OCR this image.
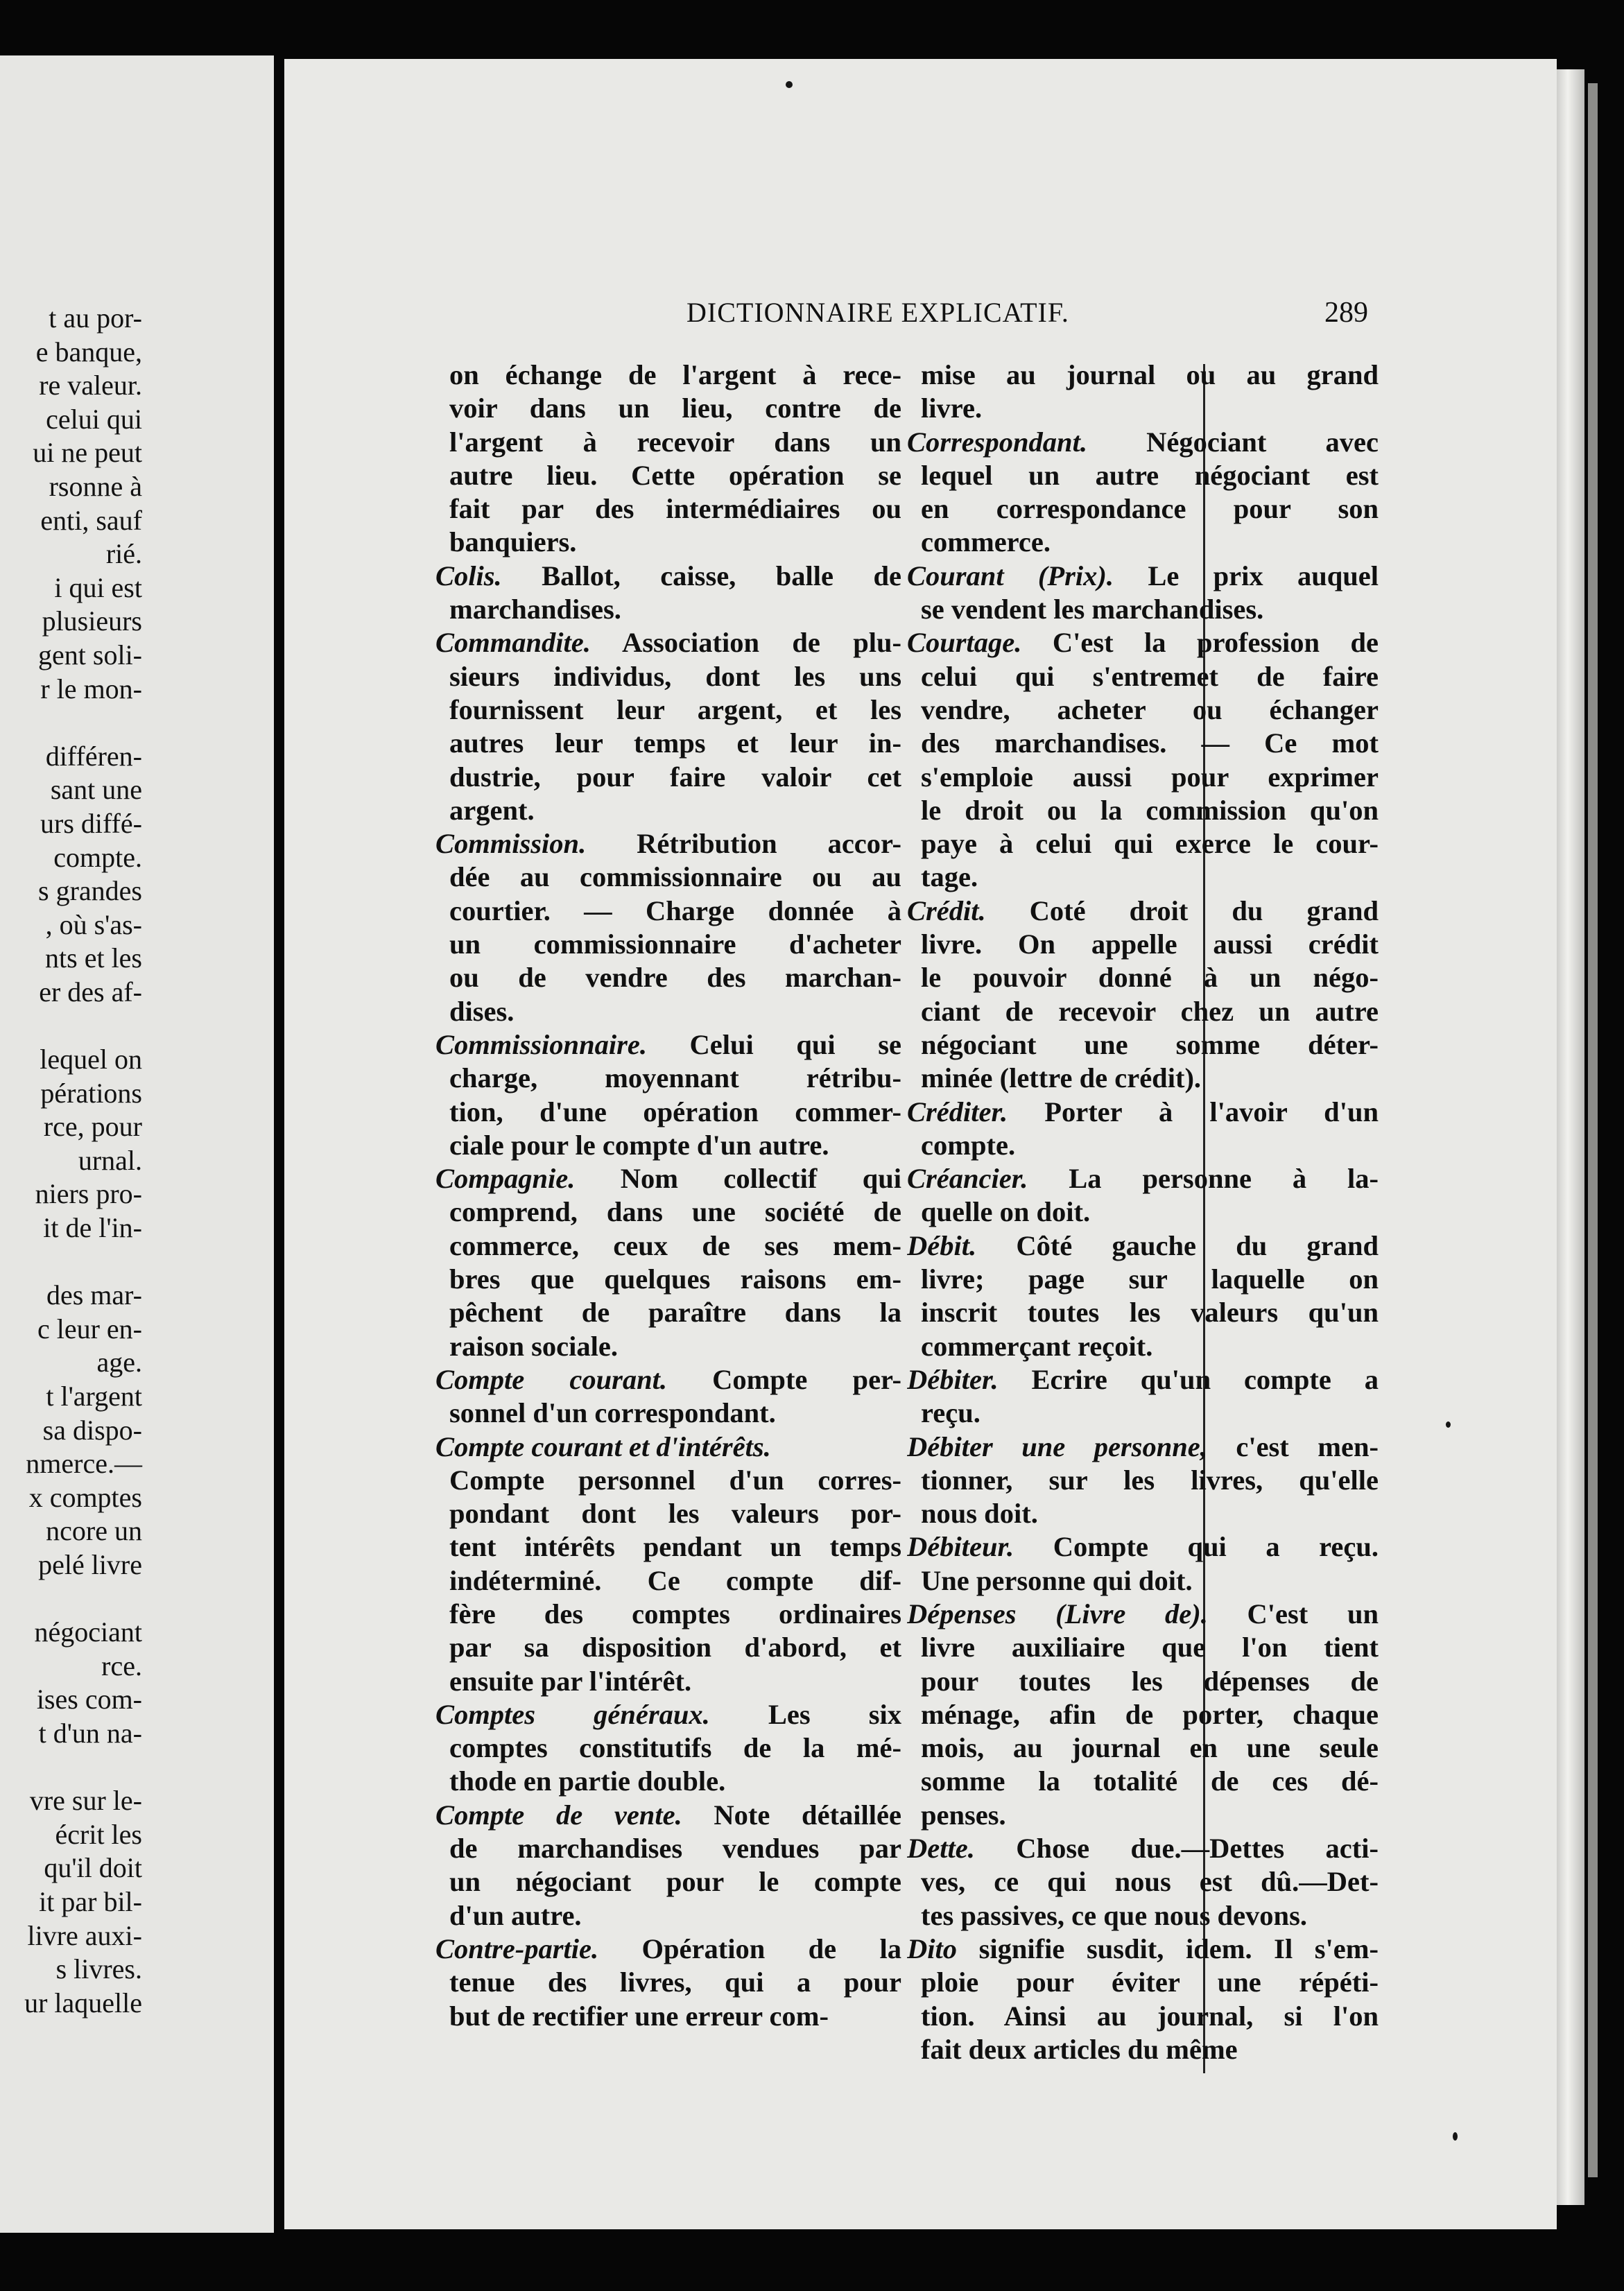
t au por-
e banque,
re valeur.
celui qui
ui ne peut
rsonne à
enti, sauf
rié.
i qui est
plusieurs
gent soli-
r le mon-

différen-
sant une
urs diffé-
compte.
s grandes
, où s'as-
nts et les
er des af-

lequel on
pérations
rce, pour
urnal.
niers pro-
it de l'in-

des mar-
c leur en-
age.
t l'argent
sa dispo-
nmerce.—
x comptes
ncore un
pelé livre

négociant
rce.
ises com-
t d'un na-

vre sur le-
écrit les
qu'il doit
it par bil-
livre auxi-
s livres.
ur laquelle
DICTIONNAIRE EXPLICATIF.	289
on échange de l'argent à rece-
voir dans un lieu, contre de
l'argent à recevoir dans un
autre lieu. Cette opération se
fait par des intermédiaires ou
banquiers.
Colis. Ballot, caisse, balle de
marchandises.
Commandite. Association de plu-
sieurs individus, dont les uns
fournissent leur argent, et les
autres leur temps et leur in-
dustrie, pour faire valoir cet
argent.
Commission. Rétribution accor-
dée au commissionnaire ou au
courtier. — Charge donnée à
un commissionnaire d'acheter
ou de vendre des marchan-
dises.
Commissionnaire. Celui qui se
charge, moyennant rétribu-
tion, d'une opération commer-
ciale pour le compte d'un autre.
Compagnie. Nom collectif qui
comprend, dans une société de
commerce, ceux de ses mem-
bres que quelques raisons em-
pêchent de paraître dans la
raison sociale.
Compte courant. Compte per-
sonnel d'un correspondant.
Compte courant et d'intérêts.
Compte personnel d'un corres-
pondant dont les valeurs por-
tent intérêts pendant un temps
indéterminé. Ce compte dif-
fère des comptes ordinaires
par sa disposition d'abord, et
ensuite par l'intérêt.
Comptes généraux. Les six
comptes constitutifs de la mé-
thode en partie double.
Compte de vente. Note détaillée
de marchandises vendues par
un négociant pour le compte
d'un autre.
Contre-partie. Opération de la
tenue des livres, qui a pour
but de rectifier une erreur com-
mise au journal ou au grand
livre.
Correspondant. Négociant avec
lequel un autre négociant est
en correspondance pour son
commerce.
Courant (Prix). Le prix auquel
se vendent les marchandises.
Courtage. C'est la profession de
celui qui s'entremet de faire
vendre, acheter ou échanger
des marchandises. — Ce mot
s'emploie aussi pour exprimer
le droit ou la commission qu'on
paye à celui qui exerce le cour-
tage.
Crédit. Coté droit du grand
livre. On appelle aussi crédit
le pouvoir donné à un négo-
ciant de recevoir chez un autre
négociant une somme déter-
minée (lettre de crédit).
Créditer. Porter à l'avoir d'un
compte.
Créancier. La personne à la-
quelle on doit.
Débit. Côté gauche du grand
livre; page sur laquelle on
inscrit toutes les valeurs qu'un
commerçant reçoit.
Débiter. Ecrire qu'un compte a
reçu.
Débiter une personne, c'est men-
tionner, sur les livres, qu'elle
nous doit.
Débiteur. Compte qui a reçu.
Une personne qui doit.
Dépenses (Livre de). C'est un
livre auxiliaire que l'on tient
pour toutes les dépenses de
ménage, afin de porter, chaque
mois, au journal en une seule
somme la totalité de ces dé-
penses.
Dette. Chose due.—Dettes acti-
ves, ce qui nous est dû.—Det-
tes passives, ce que nous devons.
Dito signifie susdit, idem. Il s'em-
ploie pour éviter une répéti-
tion. Ainsi au journal, si l'on
fait deux articles du même
